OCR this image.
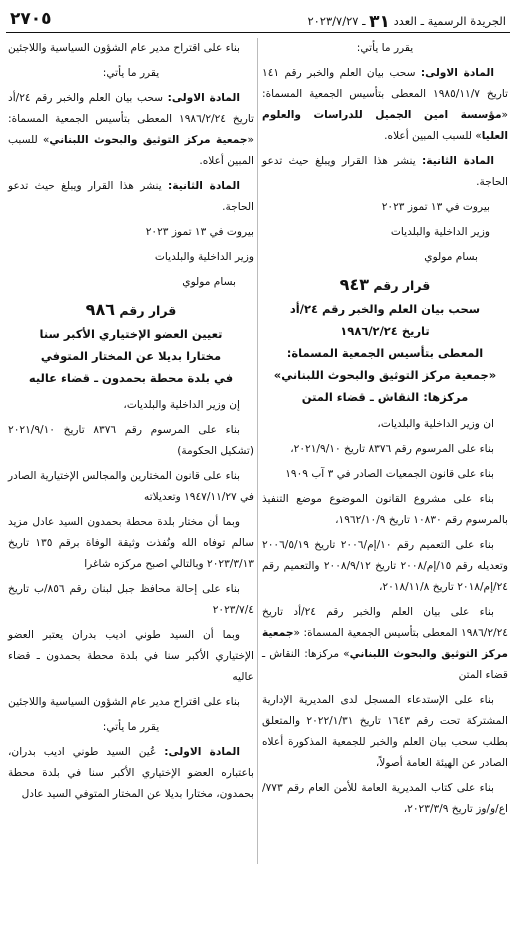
الجريدة الرسمية ـ العدد ٣١ ـ ٢٠٢٣/٧/٢٧
٢٧٠٥
يقرر ما يأتي:

المادة الاولى: سحب بيان العلم والخبر رقم ١٤١ تاريخ ١٩٨٥/١١/٧ المعطى بتأسيس الجمعية المسماة: «مؤسسة امين الجميل للدراسات والعلوم العليا» للسبب المبين أعلاه.

المادة الثانية: ينشر هذا القرار ويبلغ حيث تدعو الحاجة.

بيروت في ١٣ تموز ٢٠٢٣
وزير الداخلية والبلديات
بسام مولوي
قرار رقم ٩٤٣
سحب بيان العلم والخبر رقم ٢٤/أد
تاريخ ١٩٨٦/٢/٢٤
المعطى بتأسيس الجمعية المسماة:
«جمعية مركز التوثيق والبحوث اللبناني»
مركزها: النقاش ـ قضاء المتن

ان وزير الداخلية والبلديات،

بناء على المرسوم رقم ٨٣٧٦ تاريخ ٢٠٢١/٩/١٠،

بناء على قانون الجمعيات الصادر في ٣ آب ١٩٠٩

بناء على مشروع القانون الموضوع موضع التنفيذ بالمرسوم رقم ١٠٨٣٠ تاريخ ١٩٦٢/١٠/٩،

بناء على التعميم رقم ١٠/إم/٢٠٠٦ تاريخ ٢٠٠٦/٥/١٩ وتعديله رقم ١٥/إم/٢٠٠٨ تاريخ ٢٠٠٨/٩/١٢ والتعميم رقم ٢٤/إم/٢٠١٨ تاريخ ٢٠١٨/١١/٨،

بناء على بيان العلم والخبر رقم ٢٤/أد تاريخ ١٩٨٦/٢/٢٤ المعطى بتأسيس الجمعية المسماة: «جمعية مركز التوثيق والبحوث اللبناني» مركزها: النقاش ـ قضاء المتن

بناء على الإستدعاء المسجل لدى المديرية الإدارية المشتركة تحت رقم ١٦٤٣ تاريخ ٢٠٢٢/١/٣١ والمتعلق بطلب سحب بيان العلم والخبر للجمعية المذكورة أعلاه الصادر عن الهيئة العامة أصولاً،

بناء على كتاب المديرية العامة للأمن العام رقم ٧٧٣/اع/و/وز تاريخ ٢٠٢٣/٣/٩،

بناء على اقتراح مدير عام الشؤون السياسية واللاجئين

يقرر ما يأتي:

المادة الاولى: سحب بيان العلم والخبر رقم ٢٤/أد تاريخ ١٩٨٦/٢/٢٤ المعطى بتأسيس الجمعية المسماة: «جمعية مركز التوثيق والبحوث اللبناني» للسبب المبين أعلاه.

المادة الثانية: ينشر هذا القرار ويبلغ حيث تدعو الحاجة.

بيروت في ١٣ تموز ٢٠٢٣
وزير الداخلية والبلديات
بسام مولوي
قرار رقم ٩٨٦
تعيين العضو الإختياري الأكبر سنا
مختارا بديلا عن المختار المتوفي
في بلدة محطة بحمدون ـ قضاء عاليه

إن وزير الداخلية والبلديات،

بناء على المرسوم رقم ٨٣٧٦ تاريخ ٢٠٢١/٩/١٠ (تشكيل الحكومة)

بناء على قانون المختارين والمجالس الإختيارية الصادر في ١٩٤٧/١١/٢٧ وتعديلاته

وبما أن مختار بلدة محطة بحمدون السيد عادل مزيد سالم توفاه الله ونُفذت وثيقة الوفاة برقم ١٣٥ تاريخ ٢٠٢٣/٣/١٣ وبالتالي اصبح مركزه شاغرا

بناء على إحالة محافظ جبل لبنان رقم ٨٥٦/ب تاريخ ٢٠٢٣/٧/٤

وبما أن السيد طوني اديب بدران يعتبر العضو الإختياري الأكبر سنا في بلدة محطة بحمدون ـ قضاء عاليه

بناء على اقتراح مدير عام الشؤون السياسية واللاجئين

يقرر ما يأتي:

المادة الاولى: عُين السيد طوني اديب بدران، باعتباره العضو الإختياري الأكبر سنا في بلدة محطة بحمدون، مختارا بديلا عن المختار المتوفي السيد عادل
